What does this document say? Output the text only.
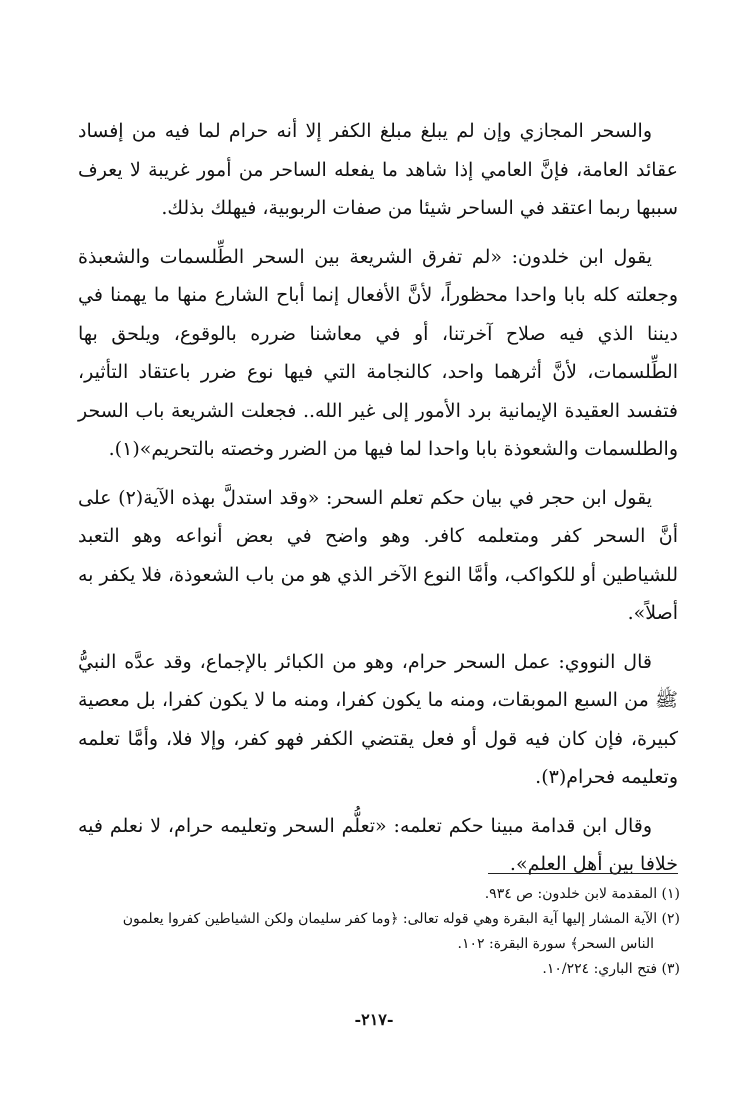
والسحر المجازي وإن لم يبلغ مبلغ الكفر إلا أنه حرام لما فيه من إفساد عقائد العامة، فإنَّ العامي إذا شاهد ما يفعله الساحر من أمور غريبة لا يعرف سببها ربما اعتقد في الساحر شيئا من صفات الربوبية، فيهلك بذلك.

يقول ابن خلدون: «لم تفرق الشريعة بين السحر الطِّلسمات والشعبذة وجعلته كله بابا واحدا محظوراً، لأنَّ الأفعال إنما أباح الشارع منها ما يهمنا في ديننا الذي فيه صلاح آخرتنا، أو في معاشنا ضرره بالوقوع، ويلحق بها الطِّلسمات، لأنَّ أثرهما واحد، كالنجامة التي فيها نوع ضرر باعتقاد التأثير، فتفسد العقيدة الإيمانية برد الأمور إلى غير الله.. فجعلت الشريعة باب السحر والطلسمات والشعوذة بابا واحدا لما فيها من الضرر وخصته بالتحريم»(١).

يقول ابن حجر في بيان حكم تعلم السحر: «وقد استدلَّ بهذه الآية(٢) على أنَّ السحر كفر ومتعلمه كافر. وهو واضح في بعض أنواعه وهو التعبد للشياطين أو للكواكب، وأمَّا النوع الآخر الذي هو من باب الشعوذة، فلا يكفر به أصلاً».

قال النووي: عمل السحر حرام، وهو من الكبائر بالإجماع، وقد عدَّه النبيُّ ﷺ من السبع الموبقات، ومنه ما يكون كفرا، ومنه ما لا يكون كفرا، بل معصية كبيرة، فإن كان فيه قول أو فعل يقتضي الكفر فهو كفر، وإلا فلا، وأمَّا تعلمه وتعليمه فحرام(٣).

وقال ابن قدامة مبينا حكم تعلمه: «تعلُّم السحر وتعليمه حرام، لا نعلم فيه خلافا بين أهل العلم».

(١) المقدمة لابن خلدون: ص ٩٣٤.

(٢) الآية المشار إليها آية البقرة وهي قوله تعالى: ﴿وما كفر سليمان ولكن الشياطين كفروا يعلمون

الناس السحر﴾ سورة البقرة: ١٠٢.

(٣) فتح الباري: ١٠/٢٢٤.

-٢١٧-
